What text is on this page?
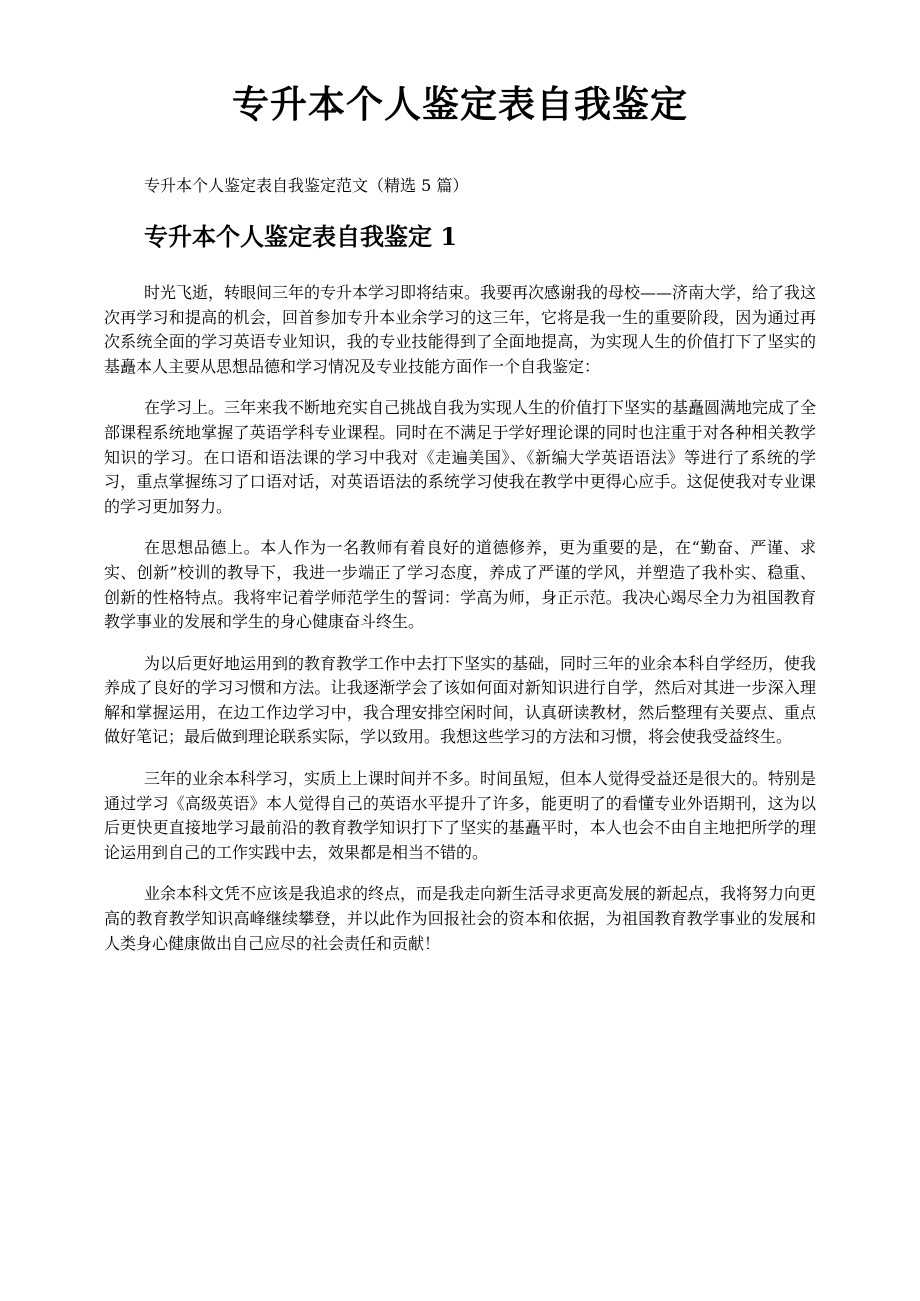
专升本个人鉴定表自我鉴定

专升本个人鉴定表自我鉴定范文（精选 5 篇）

专升本个人鉴定表自我鉴定 1

时光飞逝，转眼间三年的专升本学习即将结束。我要再次感谢我的母校——济南大学，给了我这次再学习和提高的机会，回首参加专升本业余学习的这三年，它将是我一生的重要阶段，因为通过再次系统全面的学习英语专业知识，我的专业技能得到了全面地提高，为实现人生的价值打下了坚实的基矗本人主要从思想品德和学习情况及专业技能方面作一个自我鉴定：

在学习上。三年来我不断地充实自己挑战自我为实现人生的价值打下坚实的基矗圆满地完成了全部课程系统地掌握了英语学科专业课程。同时在不满足于学好理论课的同时也注重于对各种相关教学知识的学习。在口语和语法课的学习中我对《走遍美国》、《新编大学英语语法》等进行了系统的学习，重点掌握练习了口语对话，对英语语法的系统学习使我在教学中更得心应手。这促使我对专业课的学习更加努力。

在思想品德上。本人作为一名教师有着良好的道德修养，更为重要的是，在“勤奋、严谨、求实、创新”校训的教导下，我进一步端正了学习态度，养成了严谨的学风，并塑造了我朴实、稳重、创新的性格特点。我将牢记着学师范学生的誓词：学高为师，身正示范。我决心竭尽全力为祖国教育教学事业的发展和学生的身心健康奋斗终生。

为以后更好地运用到的教育教学工作中去打下坚实的基础，同时三年的业余本科自学经历，使我养成了良好的学习习惯和方法。让我逐渐学会了该如何面对新知识进行自学，然后对其进一步深入理解和掌握运用，在边工作边学习中，我合理安排空闲时间，认真研读教材，然后整理有关要点、重点做好笔记；最后做到理论联系实际，学以致用。我想这些学习的方法和习惯，将会使我受益终生。

三年的业余本科学习，实质上上课时间并不多。时间虽短，但本人觉得受益还是很大的。特别是通过学习《高级英语》本人觉得自己的英语水平提升了许多，能更明了的看懂专业外语期刊，这为以后更快更直接地学习最前沿的教育教学知识打下了坚实的基矗平时，本人也会不由自主地把所学的理论运用到自己的工作实践中去，效果都是相当不错的。

业余本科文凭不应该是我追求的终点，而是我走向新生活寻求更高发展的新起点，我将努力向更高的教育教学知识高峰继续攀登，并以此作为回报社会的资本和依据，为祖国教育教学事业的发展和人类身心健康做出自己应尽的社会责任和贡献！
